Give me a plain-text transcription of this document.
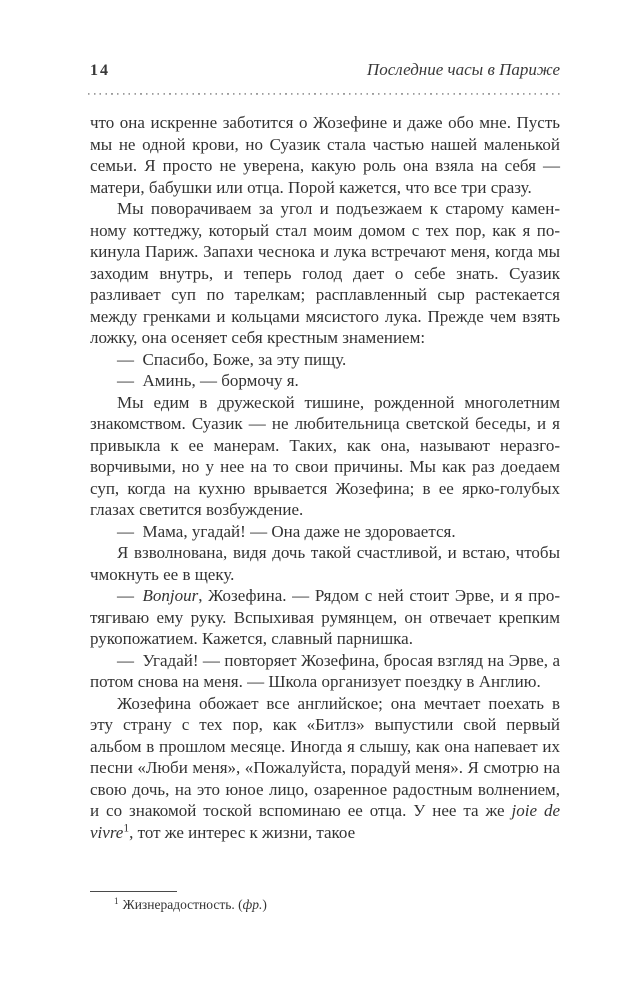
14	Последние часы в Париже

что она искренне заботится о Жозефине и даже обо мне. Пусть мы не одной крови, но Суазик стала частью нашей маленькой семьи. Я просто не уверена, какую роль она взяла на себя — матери, бабушки или отца. Порой кажется, что все три сразу.

Мы поворачиваем за угол и подъезжаем к старому каменному коттеджу, который стал моим домом с тех пор, как я покинула Париж. Запахи чеснока и лука встречают меня, когда мы заходим внутрь, и теперь голод дает о себе знать. Суазик разливает суп по тарелкам; расплавленный сыр растекается между гренками и кольцами мясистого лука. Прежде чем взять ложку, она осеняет себя крестным знамением:

— Спасибо, Боже, за эту пищу.

— Аминь, — бормочу я.

Мы едим в дружеской тишине, рожденной многолетним знакомством. Суазик — не любительница светской беседы, и я привыкла к ее манерам. Таких, как она, называют неразговорчивыми, но у нее на то свои причины. Мы как раз доедаем суп, когда на кухню врывается Жозефина; в ее ярко-голубых глазах светится возбуждение.

— Мама, угадай! — Она даже не здоровается.

Я взволнована, видя дочь такой счастливой, и встаю, чтобы чмокнуть ее в щеку.

— Bonjour, Жозефина. — Рядом с ней стоит Эрве, и я протягиваю ему руку. Вспыхивая румянцем, он отвечает крепким рукопожатием. Кажется, славный парнишка.

— Угадай! — повторяет Жозефина, бросая взгляд на Эрве, а потом снова на меня. — Школа организует поездку в Англию.

Жозефина обожает все английское; она мечтает поехать в эту страну с тех пор, как «Битлз» выпустили свой первый альбом в прошлом месяце. Иногда я слышу, как она напевает их песни «Люби меня», «Пожалуйста, порадуй меня». Я смотрю на свою дочь, на это юное лицо, озаренное радостным волнением, и со знакомой тоской вспоминаю ее отца. У нее та же joie de vivre$^1$, тот же интерес к жизни, такое

$^1$ Жизнерадостность. (фр.)
